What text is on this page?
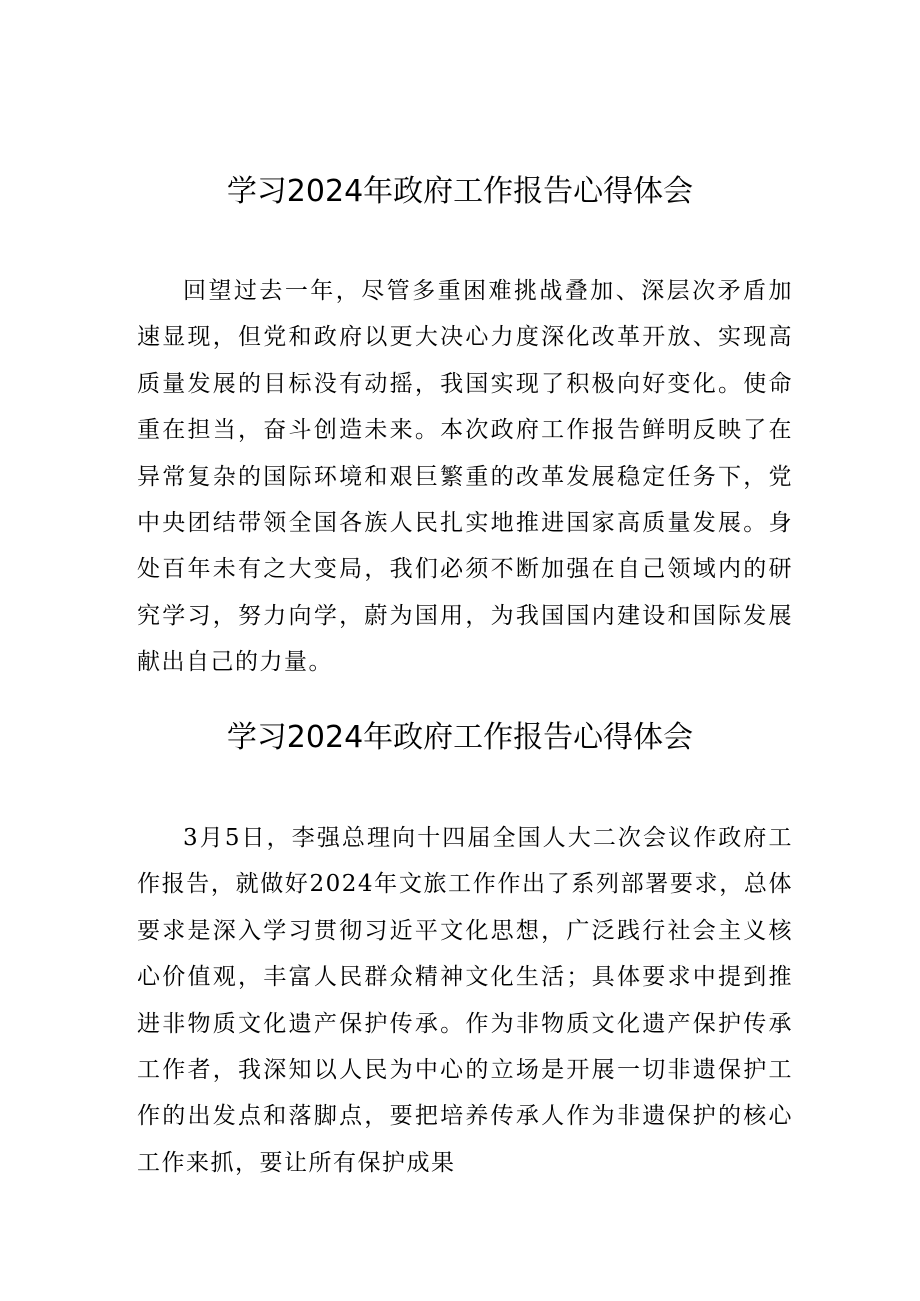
学习2024年政府工作报告心得体会

回望过去一年，尽管多重困难挑战叠加、深层次矛盾加速显现，但党和政府以更大决心力度深化改革开放、实现高质量发展的目标没有动摇，我国实现了积极向好变化。使命重在担当，奋斗创造未来。本次政府工作报告鲜明反映了在异常复杂的国际环境和艰巨繁重的改革发展稳定任务下，党中央团结带领全国各族人民扎实地推进国家高质量发展。身处百年未有之大变局，我们必须不断加强在自己领域内的研究学习，努力向学，蔚为国用，为我国国内建设和国际发展献出自己的力量。

学习2024年政府工作报告心得体会

3月5日，李强总理向十四届全国人大二次会议作政府工作报告，就做好2024年文旅工作作出了系列部署要求，总体要求是深入学习贯彻习近平文化思想，广泛践行社会主义核心价值观，丰富人民群众精神文化生活；具体要求中提到推进非物质文化遗产保护传承。作为非物质文化遗产保护传承工作者，我深知以人民为中心的立场是开展一切非遗保护工作的出发点和落脚点，要把培养传承人作为非遗保护的核心工作来抓，要让所有保护成果
